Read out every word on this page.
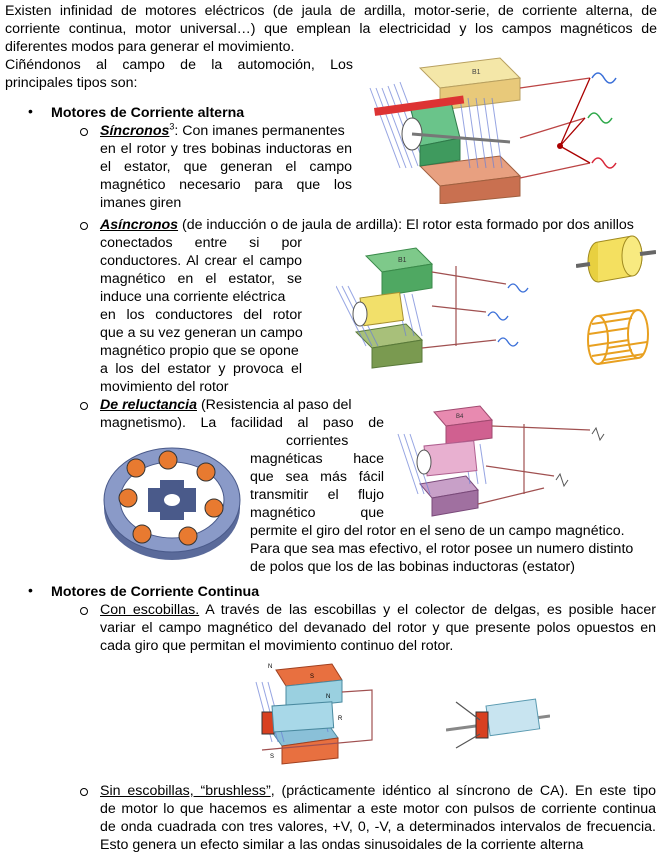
Existen infinidad de motores eléctricos (de jaula de ardilla, motor-serie, de corriente alterna, de
corriente continua, motor universal…) que emplean la electricidad y los campos magnéticos de
diferentes modos para generar el movimiento.
Ciñéndonos al campo de la automoción, Los
principales tipos son:
• Motores de Corriente alterna
Síncronos$^3$: Con imanes permanentes
en el rotor y tres bobinas inductoras en
el estator, que generan el campo
magnético necesario para que los
imanes giren
Asíncronos (de inducción o de jaula de ardilla): El rotor esta formado por dos anillos
conectados entre si por
conductores. Al crear el campo
magnético en el estator, se
induce una corriente eléctrica
en los conductores del rotor
que a su vez generan un campo
magnético propio que se opone
a los del estator y provoca el
movimiento del rotor
De reluctancia (Resistencia al paso del
magnetismo). La facilidad al paso de
corrientes
magnéticas hace
que sea más fácil
transmitir el flujo
magnético que
permite el giro del rotor en el seno de un campo magnético.
Para que sea mas efectivo, el rotor posee un numero distinto
de polos que los de las bobinas inductoras (estator)
• Motores de Corriente Continua
Con escobillas. A través de las escobillas y el colector de delgas, es posible hacer
variar el campo magnético del devanado del rotor y que presente polos opuestos en
cada giro que permitan el movimiento continuo del rotor.
Sin escobillas, “brushless”, (prácticamente idéntico al síncrono de CA). En este tipo
de motor lo que hacemos es alimentar a este motor con pulsos de corriente continua
de onda cuadrada con tres valores, +V, 0, -V, a determinados intervalos de frecuencia.
Esto genera un efecto similar a las ondas sinusoidales de la corriente alterna
B1
B1
B4
N
S
R
N
S
